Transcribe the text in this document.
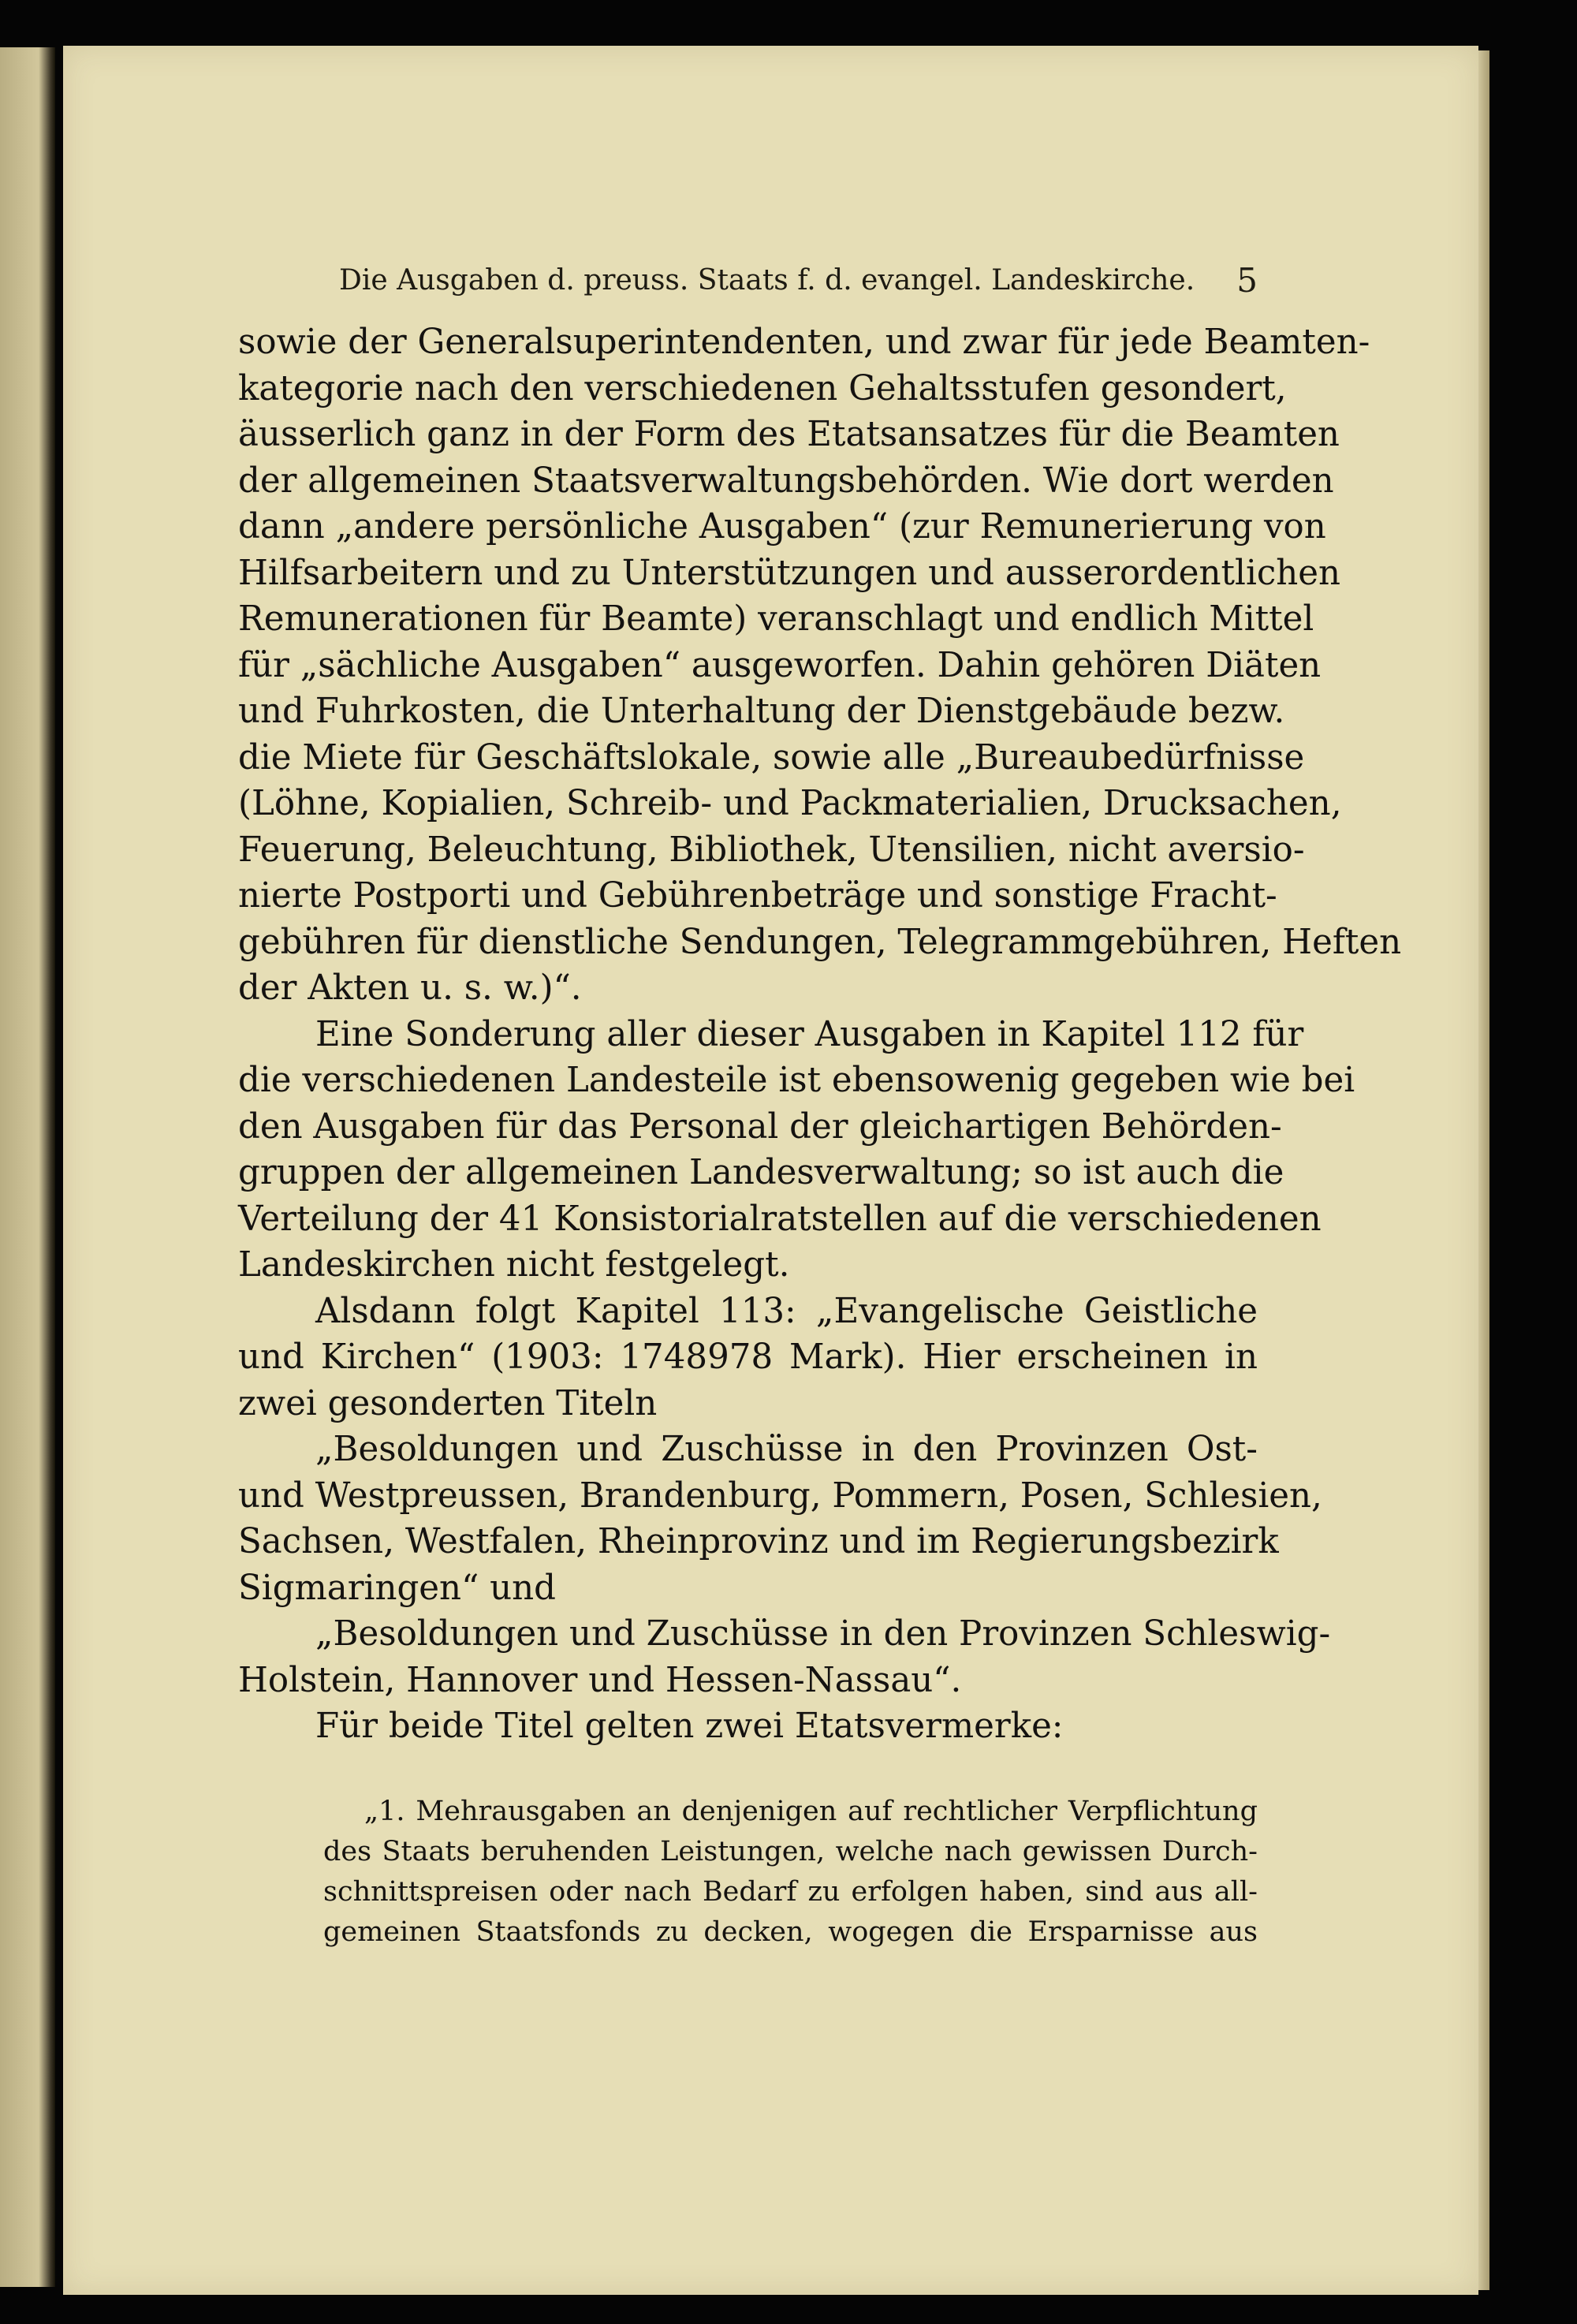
Die Ausgaben d. preuss. Staats f. d. evangel. Landeskirche. 5
sowie der Generalsuperintendenten, und zwar für jede Beamten-
kategorie nach den verschiedenen Gehaltsstufen gesondert,
äusserlich ganz in der Form des Etatsansatzes für die Beamten
der allgemeinen Staatsverwaltungsbehörden. Wie dort werden
dann „andere persönliche Ausgaben“ (zur Remunerierung von
Hilfsarbeitern und zu Unterstützungen und ausserordentlichen
Remunerationen für Beamte) veranschlagt und endlich Mittel
für „sächliche Ausgaben“ ausgeworfen. Dahin gehören Diäten
und Fuhrkosten, die Unterhaltung der Dienstgebäude bezw.
die Miete für Geschäftslokale, sowie alle „Bureaubedürfnisse
(Löhne, Kopialien, Schreib- und Packmaterialien, Drucksachen,
Feuerung, Beleuchtung, Bibliothek, Utensilien, nicht aversio-
nierte Postporti und Gebührenbeträge und sonstige Fracht-
gebühren für dienstliche Sendungen, Telegrammgebühren, Heften
der Akten u. s. w.)“.
Eine Sonderung aller dieser Ausgaben in Kapitel 112 für
die verschiedenen Landesteile ist ebensowenig gegeben wie bei
den Ausgaben für das Personal der gleichartigen Behörden-
gruppen der allgemeinen Landesverwaltung; so ist auch die
Verteilung der 41 Konsistorialratstellen auf die verschiedenen
Landeskirchen nicht festgelegt.
Alsdann folgt Kapitel 113: „Evangelische Geistliche
und Kirchen“ (1903: 1748978 Mark). Hier erscheinen in
zwei gesonderten Titeln
„Besoldungen und Zuschüsse in den Provinzen Ost-
und Westpreussen, Brandenburg, Pommern, Posen, Schlesien,
Sachsen, Westfalen, Rheinprovinz und im Regierungsbezirk
Sigmaringen“ und
„Besoldungen und Zuschüsse in den Provinzen Schleswig-
Holstein, Hannover und Hessen-Nassau“.
Für beide Titel gelten zwei Etatsvermerke:
„1. Mehrausgaben an denjenigen auf rechtlicher Verpflichtung
des Staats beruhenden Leistungen, welche nach gewissen Durch-
schnittspreisen oder nach Bedarf zu erfolgen haben, sind aus all-
gemeinen Staatsfonds zu decken, wogegen die Ersparnisse aus
